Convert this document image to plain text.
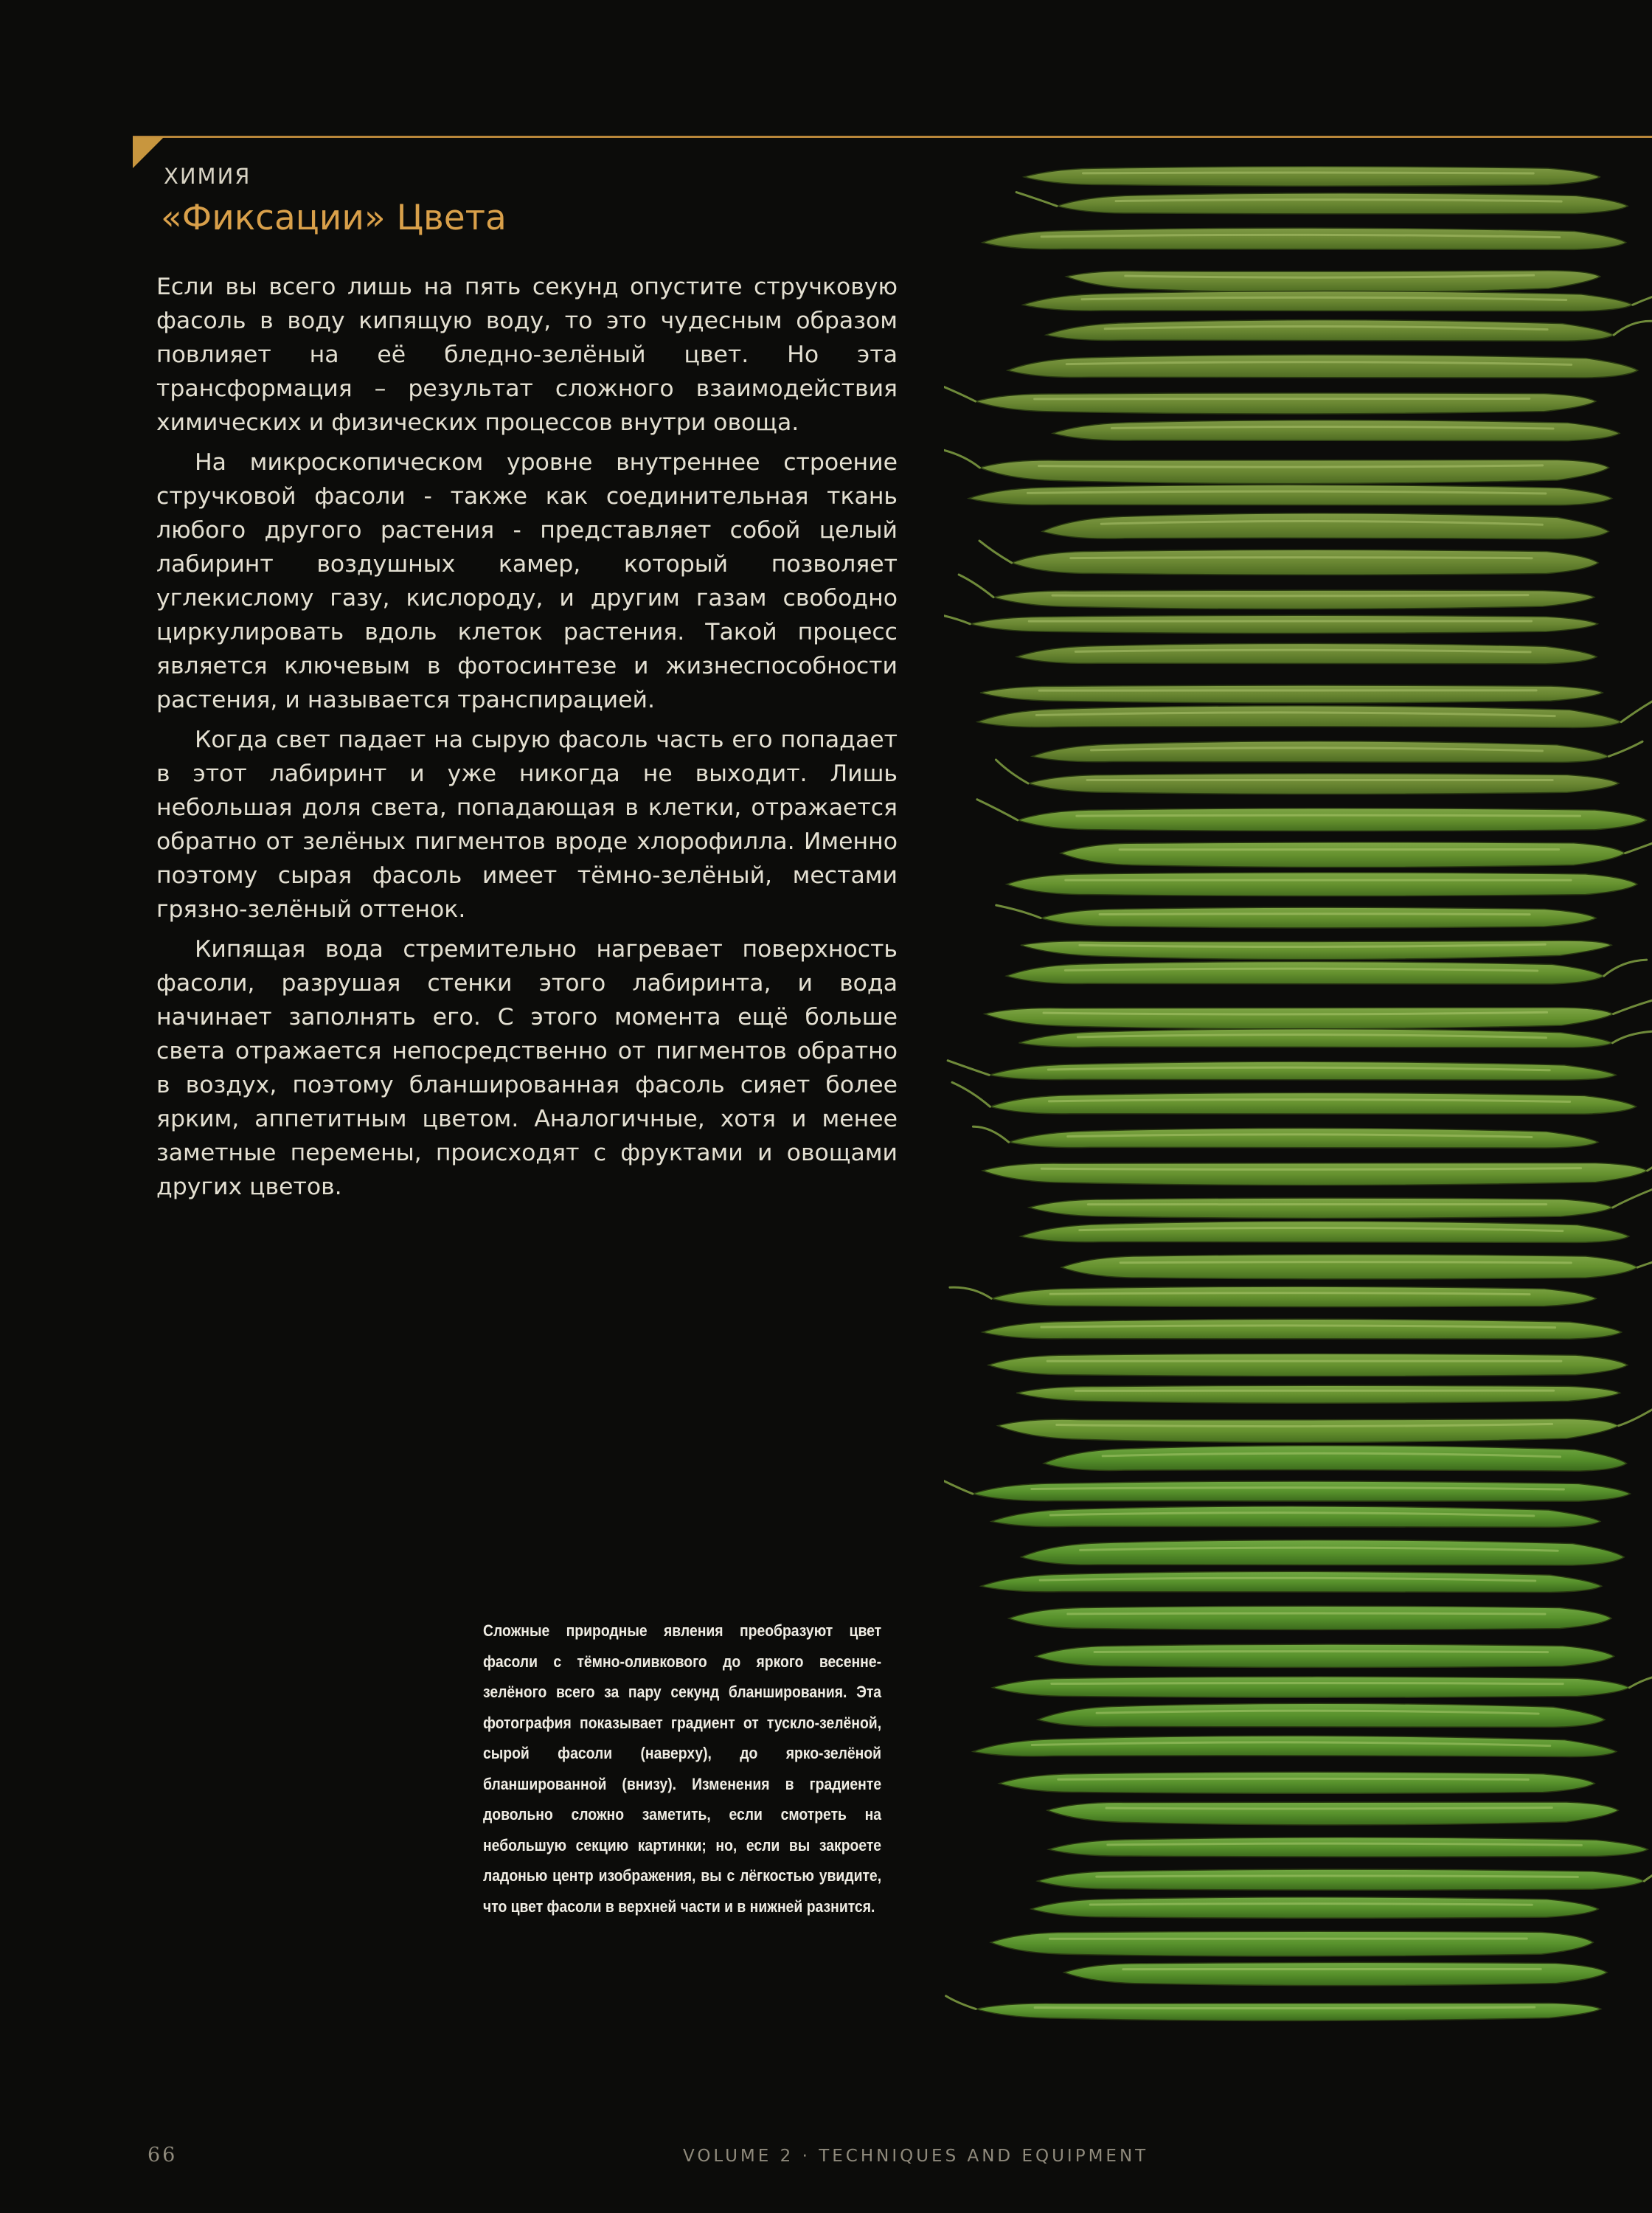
ХИМИЯ
«Фиксации» Цвета

Если вы всего лишь на пять секунд опустите стручковую фасоль в воду кипящую воду, то это чудесным образом повлияет на её бледно-зелёный цвет. Но эта трансформация – результат сложного взаимодействия химических и физических процессов внутри овоща.

На микроскопическом уровне внутреннее строение стручковой фасоли - также как соединительная ткань любого другого растения - представляет собой целый лабиринт воздушных камер, который позволяет углекислому газу, кислороду, и другим газам свободно циркулировать вдоль клеток растения. Такой процесс является ключевым в фотосинтезе и жизнеспособности растения, и называется транспирацией.

Когда свет падает на сырую фасоль часть его попадает в этот лабиринт и уже никогда не выходит. Лишь небольшая доля света, попадающая в клетки, отражается обратно от зелёных пигментов вроде хлорофилла. Именно поэтому сырая фасоль имеет тёмно-зелёный, местами грязно-зелёный оттенок.

Кипящая вода стремительно нагревает поверхность фасоли, разрушая стенки этого лабиринта, и вода начинает заполнять его. С этого момента ещё больше света отражается непосредственно от пигментов обратно в воздух, поэтому бланшированная фасоль сияет более ярким, аппетитным цветом. Аналогичные, хотя и менее заметные перемены, происходят с фруктами и овощами других цветов.

Сложные природные явления преобразуют цвет фасоли с тёмно-оливкового до яркого весенне-зелёного всего за пару секунд бланширования. Эта фотография показывает градиент от тускло-зелёной, сырой фасоли (наверху), до ярко-зелёной бланшированной (внизу). Изменения в градиенте довольно сложно заметить, если смотреть на небольшую секцию картинки; но, если вы закроете ладонью центр изображения, вы с лёгкостью увидите, что цвет фасоли в верхней части и в нижней разнится.
66	VOLUME 2 · TECHNIQUES AND EQUIPMENT
